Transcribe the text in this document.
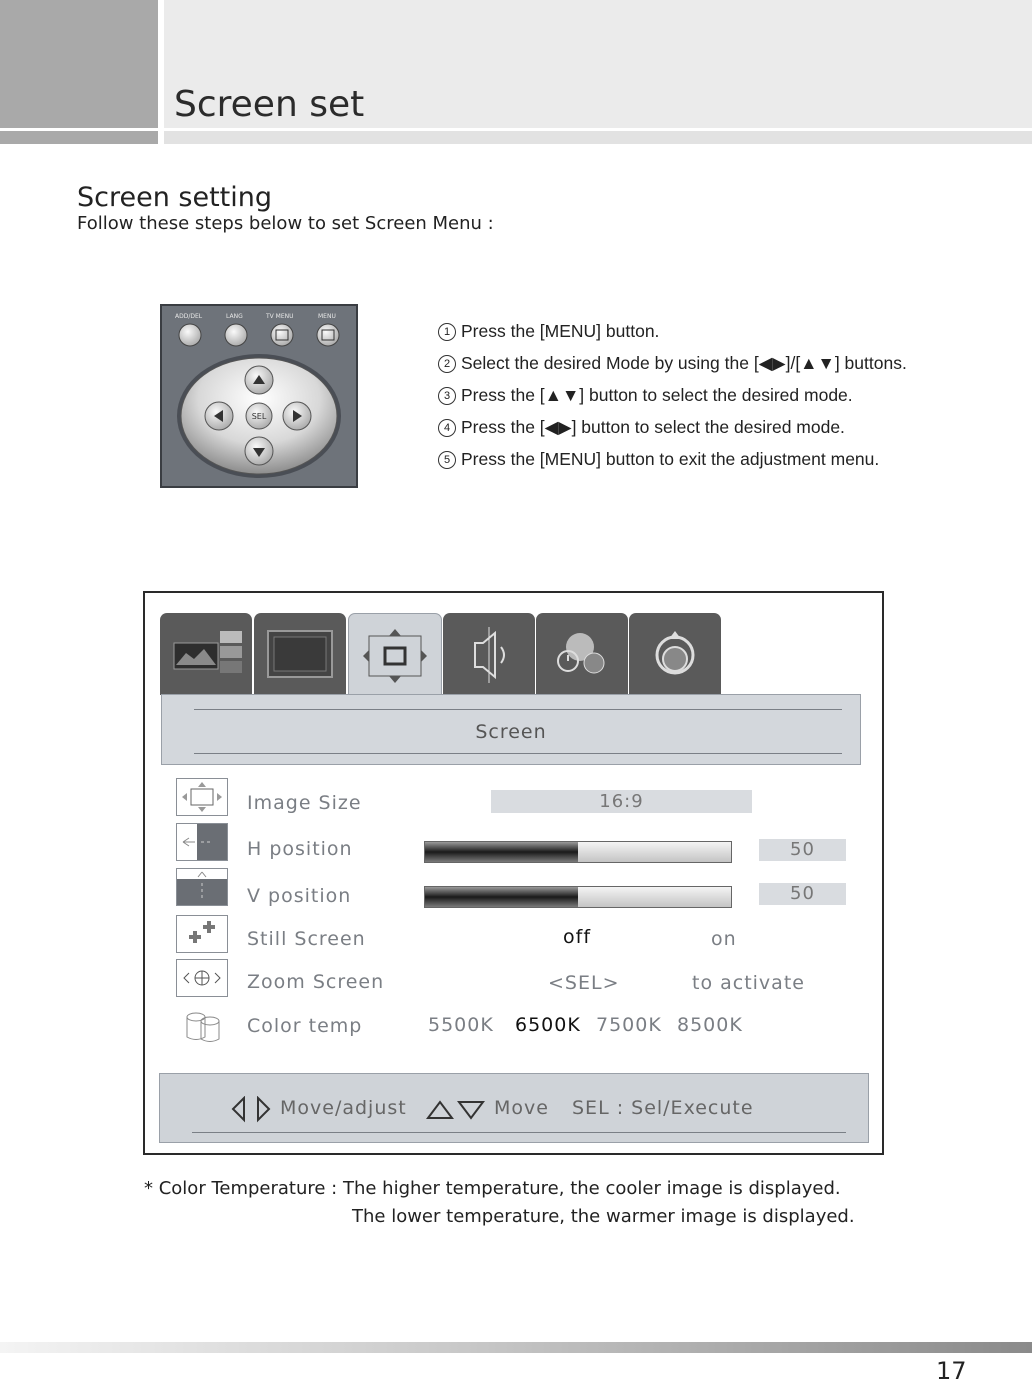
Screen set
Screen setting
Follow these steps below to set Screen Menu :
ADD/DEL	LANG	TV MENU	MENU
SEL
1 Press the [MENU] button.
2 Select the desired Mode by using the [◀▶]/[▲▼] buttons.
3 Press the [▲▼] button to select the desired mode.
4 Press the [◀▶] button to select the desired mode.
5 Press the [MENU] button to exit the adjustment menu.
Screen
Image Size	16:9
H position	50
V position	50
Still Screen	off	on
Zoom Screen	<SEL>	to activate
Color temp	5500K 6500K 7500K 8500K
Move/adjust	Move SEL : Sel/Execute
* Color Temperature : The higher temperature, the cooler image is displayed.
The lower temperature, the warmer image is displayed.
17
